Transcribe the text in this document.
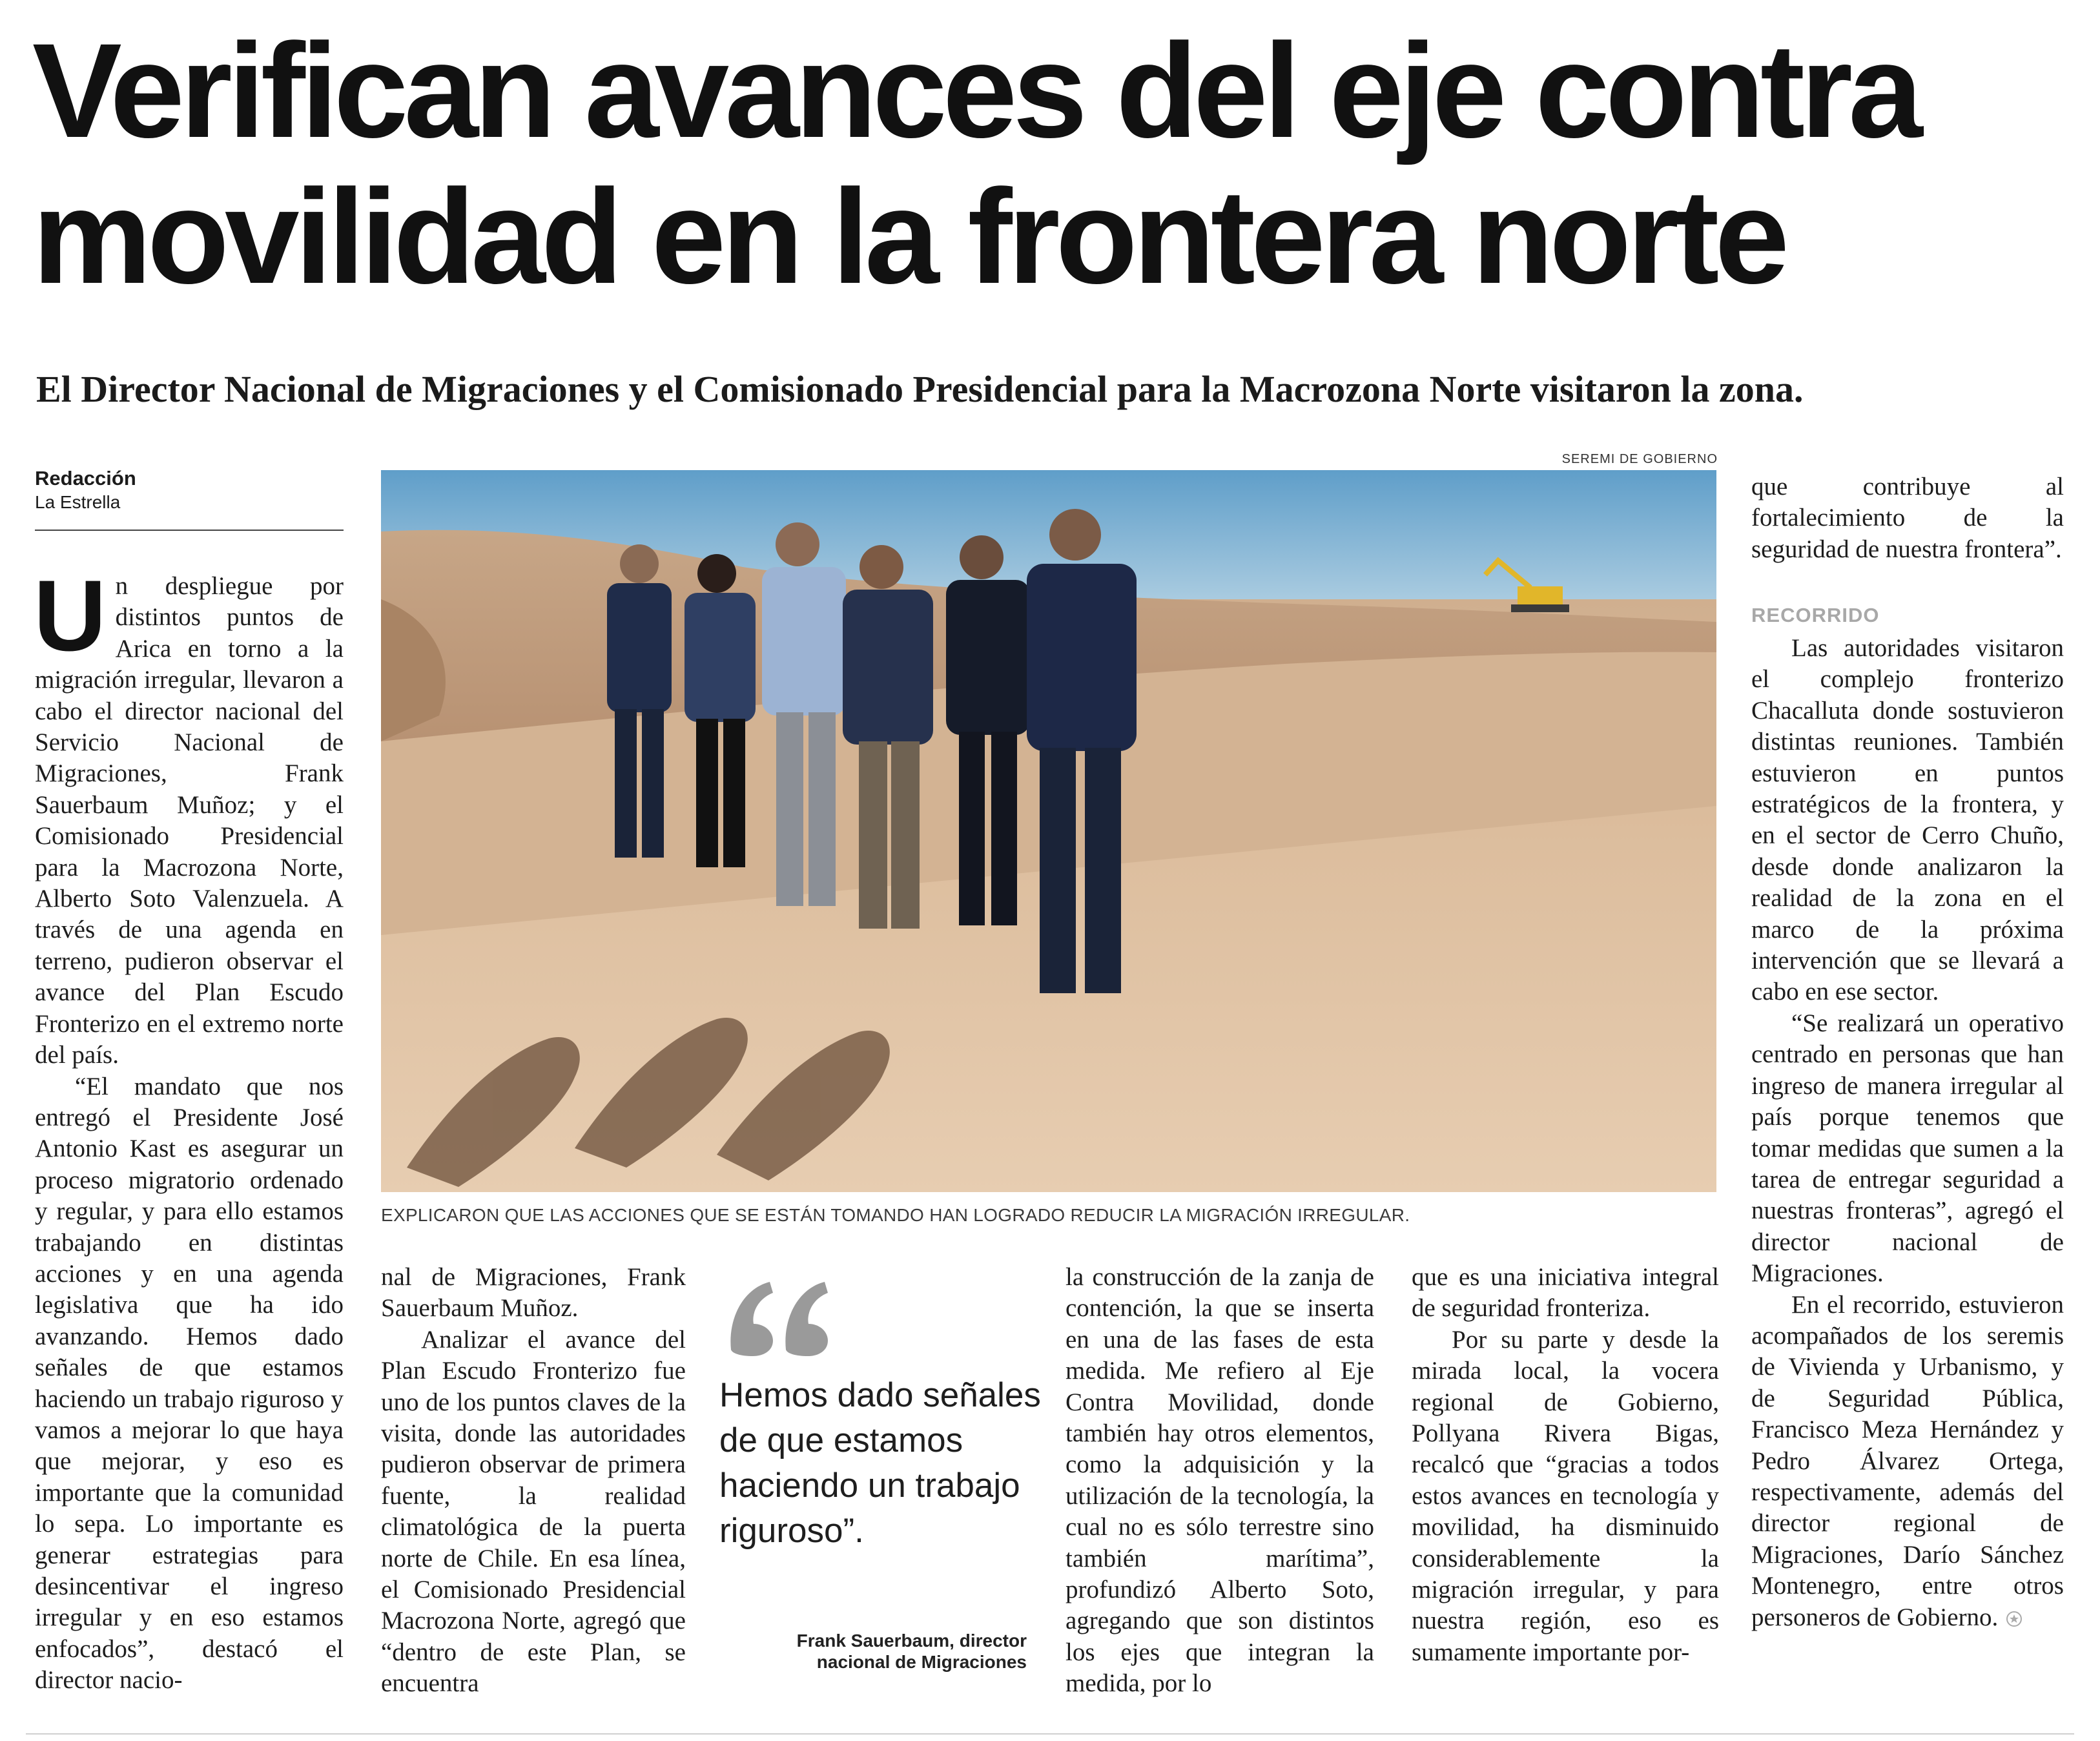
Verifican avances del eje contra
movilidad en la frontera norte
El Director Nacional de Migraciones y el Comisionado Presidencial para la Macrozona Norte visitaron la zona.
Redacción
La Estrella

Un despliegue por distintos puntos de Arica en torno a la migración irregular, llevaron a cabo el director nacional del Servicio Nacional de Migraciones, Frank Sauerbaum Muñoz; y el Comisionado Presidencial para la Macrozona Norte, Alberto Soto Valenzuela. A través de una agenda en terreno, pudieron observar el avance del Plan Escudo Fronterizo en el extremo norte del país.

“El mandato que nos entregó el Presidente José Antonio Kast es asegurar un proceso migratorio ordenado y regular, y para ello estamos trabajando en distintas acciones y en una agenda legislativa que ha ido avanzando. Hemos dado señales de que estamos haciendo un trabajo riguroso y vamos a mejorar lo que haya que mejorar, y eso es importante que la comunidad lo sepa. Lo importante es generar estrategias para desincentivar el ingreso irregular y en eso estamos enfocados”, destacó el director nacio-

SEREMI DE GOBIERNO
EXPLICARON QUE LAS ACCIONES QUE SE ESTÁN TOMANDO HAN LOGRADO REDUCIR LA MIGRACIÓN IRREGULAR.

nal de Migraciones, Frank Sauerbaum Muñoz.

Analizar el avance del Plan Escudo Fronterizo fue uno de los puntos claves de la visita, donde las autoridades pudieron observar de primera fuente, la realidad climatológica de la puerta norte de Chile. En esa línea, el Comisionado Presidencial Macrozona Norte, agregó que “dentro de este Plan, se encuentra

Hemos dado señales de que estamos haciendo un trabajo riguroso”.
Frank Sauerbaum, director
nacional de Migraciones

la construcción de la zanja de contención, la que se inserta en una de las fases de esta medida. Me refiero al Eje Contra Movilidad, donde también hay otros elementos, como la adquisición y la utilización de la tecnología, la cual no es sólo terrestre sino también marítima”, profundizó Alberto Soto, agregando que son distintos los ejes que integran la medida, por lo

que es una iniciativa integral de seguridad fronteriza.

Por su parte y desde la mirada local, la vocera regional de Gobierno, Pollyana Rivera Bigas, recalcó que “gracias a todos estos avances en tecnología y movilidad, ha disminuido considerablemente la migración irregular, y para nuestra región, eso es sumamente importante por-

que contribuye al fortalecimiento de la seguridad de nuestra frontera”.

RECORRIDO

Las autoridades visitaron el complejo fronterizo Chacalluta donde sostuvieron distintas reuniones. También estuvieron en puntos estratégicos de la frontera, y en el sector de Cerro Chuño, desde donde analizaron la realidad de la zona en el marco de la próxima intervención que se llevará a cabo en ese sector.

“Se realizará un operativo centrado en personas que han ingreso de manera irregular al país porque tenemos que tomar medidas que sumen a la tarea de entregar seguridad a nuestras fronteras”, agregó el director nacional de Migraciones.

En el recorrido, estuvieron acompañados de los seremis de Vivienda y Urbanismo, y de Seguridad Pública, Francisco Meza Hernández y Pedro Álvarez Ortega, respectivamente, además del director regional de Migraciones, Darío Sánchez Montenegro, entre otros personeros de Gobierno.
